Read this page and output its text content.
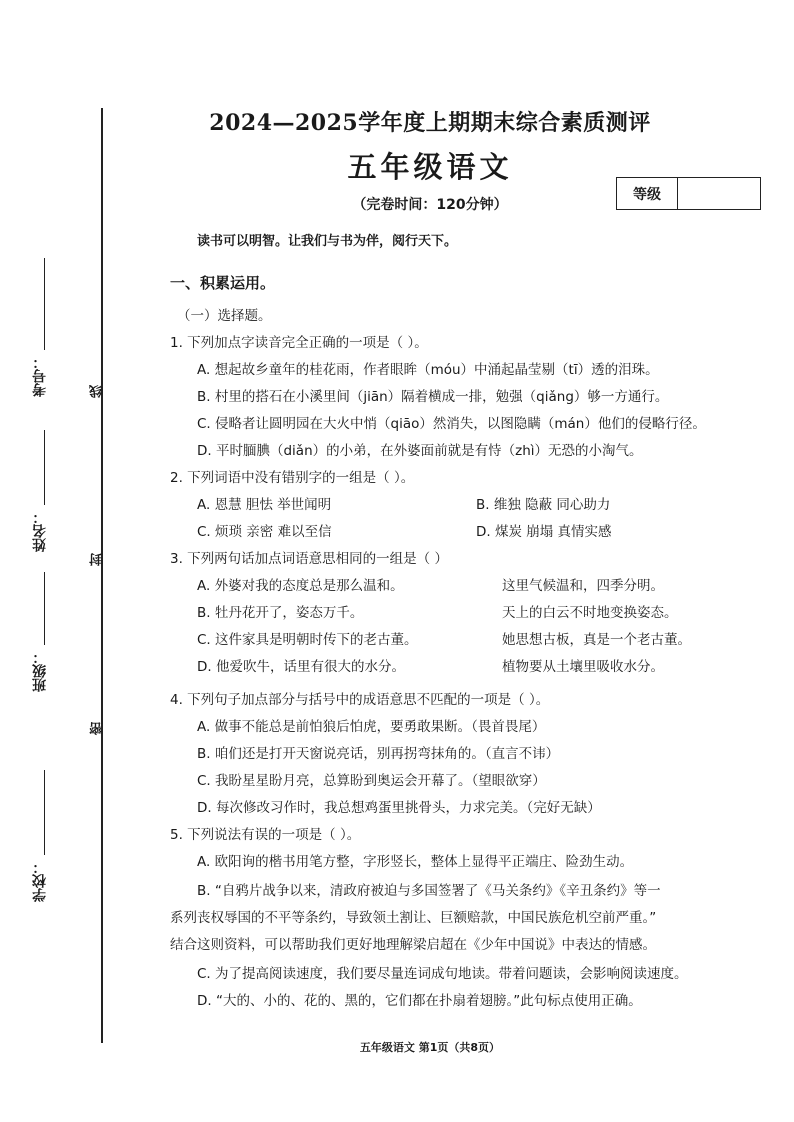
考号：
姓名：
班级：
学校：
线
封
密
2024—2025学年度上期期末综合素质测评
五年级语文
（完卷时间：120分钟）
等级
读书可以明智。让我们与书为伴，阅行天下。
一、积累运用。
（一）选择题。
1. 下列加点字读音完全正确的一项是（ ）。
A. 想起故乡童年的桂花雨，作者眼眸（móu）中涌起晶莹剔（tī）透的泪珠。
B. 村里的搭石在小溪里间（jiān）隔着横成一排，勉强（qiǎng）够一方通行。
C. 侵略者让圆明园在大火中悄（qiāo）然消失，以图隐瞒（mán）他们的侵略行径。
D. 平时腼腆（diǎn）的小弟，在外婆面前就是有恃（zhì）无恐的小淘气。
2. 下列词语中没有错别字的一组是（ ）。
A. 恩慧 胆怯 举世闻明	B. 维独 隐蔽 同心助力
C. 烦琐 亲密 难以至信	D. 煤炭 崩塌 真情实感
3. 下列两句话加点词语意思相同的一组是（ ）
A. 外婆对我的态度总是那么温和。	这里气候温和，四季分明。
B. 牡丹花开了，姿态万千。	天上的白云不时地变换姿态。
C. 这件家具是明朝时传下的老古董。	她思想古板，真是一个老古董。
D. 他爱吹牛，话里有很大的水分。	植物要从土壤里吸收水分。
4. 下列句子加点部分与括号中的成语意思不匹配的一项是（ ）。
A. 做事不能总是前怕狼后怕虎，要勇敢果断。（畏首畏尾）
B. 咱们还是打开天窗说亮话，别再拐弯抹角的。（直言不讳）
C. 我盼星星盼月亮，总算盼到奥运会开幕了。（望眼欲穿）
D. 每次修改习作时，我总想鸡蛋里挑骨头，力求完美。（完好无缺）
5. 下列说法有误的一项是（ ）。
A. 欧阳询的楷书用笔方整，字形竖长，整体上显得平正端庄、险劲生动。
B. “自鸦片战争以来，清政府被迫与多国签署了《马关条约》《辛丑条约》等一
系列丧权辱国的不平等条约，导致领土割让、巨额赔款，中国民族危机空前严重。”
结合这则资料，可以帮助我们更好地理解梁启超在《少年中国说》中表达的情感。
C. 为了提高阅读速度，我们要尽量连词成句地读。带着问题读，会影响阅读速度。
D. “大的、小的、花的、黑的，它们都在扑扇着翅膀。”此句标点使用正确。
五年级语文 第1页（共8页）
